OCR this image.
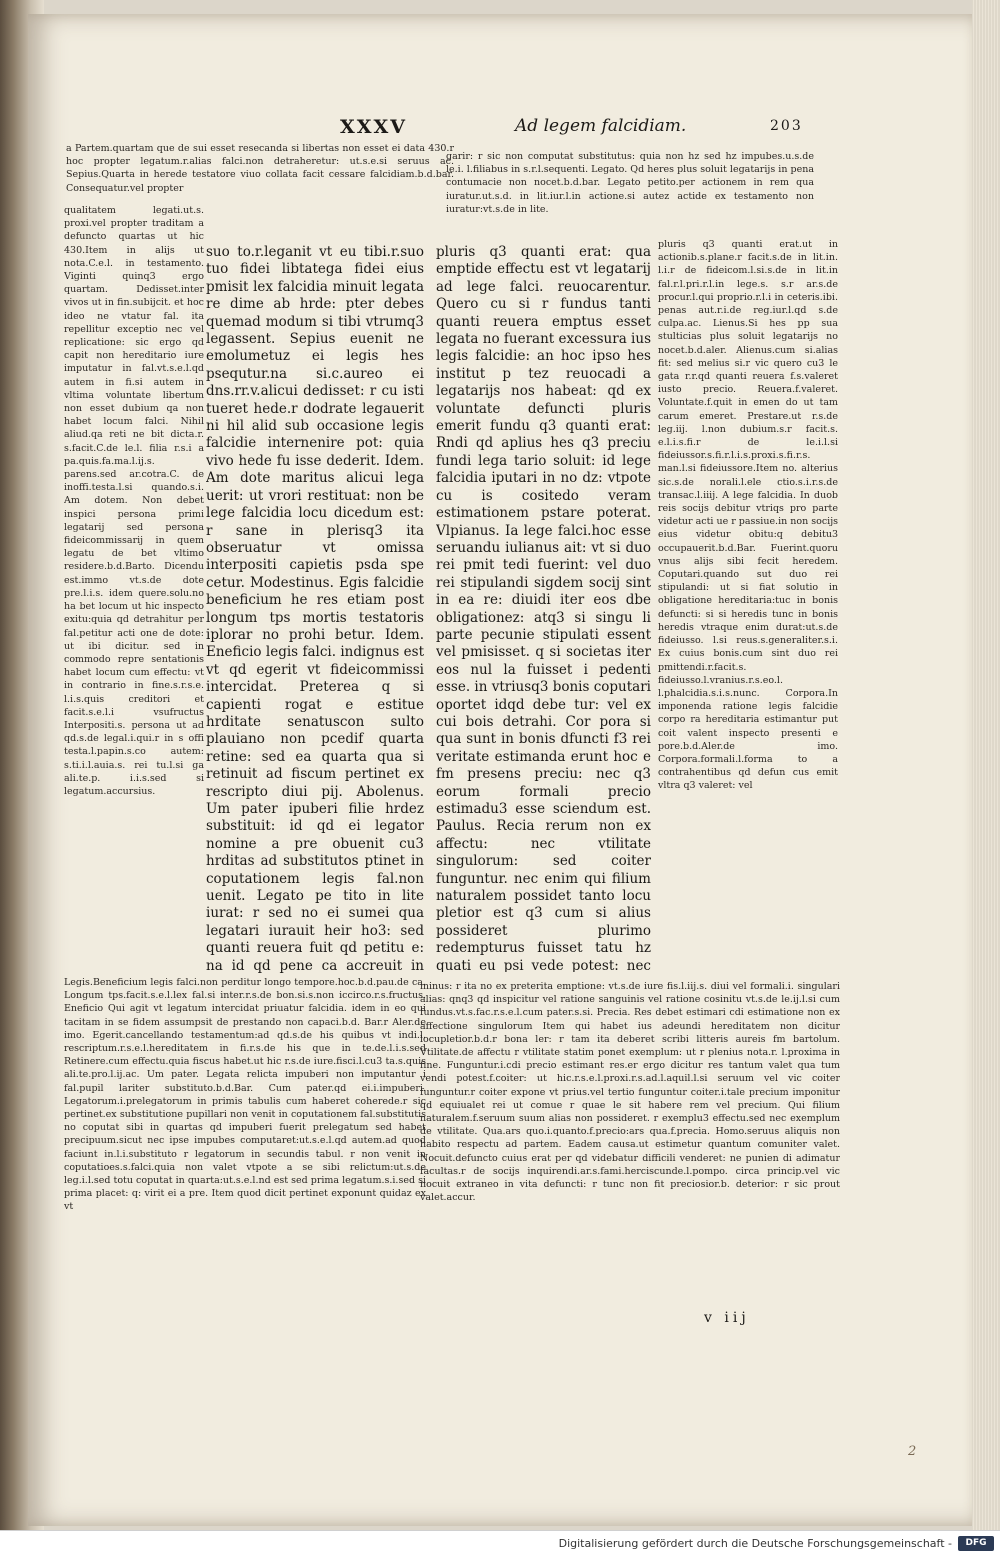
XXXV	Ad legem falcidiam.	203
a Partem.quartam que de sui esset resecanda si libertas non esset ei data 430.r hoc propter legatum.r.alias falci.non detraheretur: ut.s.e.si seruus ac. Sepius.Quarta in herede testatore viuo collata facit cessare falcidiam.b.d.bar. Consequatur.vel propter
garir: r sic non computat substitutus: quia non hz sed hz impubes.u.s.de le.i. l.filiabus in s.r.l.sequenti. Legato. Qd heres plus soluit legatarijs in pena contumacie non nocet.b.d.bar. Legato petito.per actionem in rem qua iuratur.ut.s.d. in lit.iur.l.in actione.si autez actide ex testamento non iuratur:vt.s.de in lite.
qualitatem legati.ut.s. proxi.vel propter traditam a defuncto quartas ut hic 430.Item in alijs ut nota.C.e.l. in testamento. Viginti quinq3 ergo quartam. Dedisset.inter vivos ut in fin.subijcit. et hoc ideo ne vtatur fal. ita repellitur exceptio nec vel replicatione: sic ergo qd capit non hereditario iure imputatur in fal.vt.s.e.l.qd autem in fi.si autem in vltima voluntate libertum non esset dubium qa non habet locum falci. Nihil aliud.qa reti ne bit dicta.r. s.facit.C.de le.l. filia r.s.i a pa.quis.fa.ma.l.ij.s. parens.sed ar.cotra.C. de inoffi.testa.l.si quando.s.i. Am dotem. Non debet inspici persona primi legatarij sed persona fideicommissarij in quem legatu de bet vltimo residere.b.d.Barto. Dicendu est.immo vt.s.de dote pre.l.i.s. idem quere.solu.no ha bet locum ut hic inspecto exitu:quia qd detrahitur per fal.petitur acti one de dote: ut ibi dicitur. sed in commodo repre sentationis habet locum cum effectu: vt in contrario in fine.s.r.s.e. l.i.s.quis creditori et facit.s.e.l.i vsufructus Interpositi.s. persona ut ad qd.s.de legal.i.qui.r in s offi testa.l.papin.s.co autem: s.ti.i.l.auia.s. rei tu.l.si ga ali.te.p. i.i.s.sed si legatum.accursius.
suo to.r.leganit vt eu tibi.r.suo tuo fidei libtatega fidei eius pmisit lex falcidia minuit legata re dime ab hrde: pter debes quemad modum si tibi vtrumq3 legassent. Sepius euenit ne emolumetuz ei legis hes psequtur.na si.c.aureo ei dns.rr.v.alicui dedisset: r cu isti tueret hede.r dodrate legauerit ni hil alid sub occasione legis falcidie internenire pot: quia vivo hede fu isse dederit. Idem. Am dote maritus alicui lega uerit: ut vrori restituat: non be lege falcidia locu dicedum est: r sane in plerisq3 ita obseruatur vt omissa interpositi capietis psda spe cetur. Modestinus. Egis falcidie beneficium he res etiam post longum tps mortis testatoris iplorar no prohi betur. Idem. Eneficio legis falci. indignus est vt qd egerit vt fideicommissi intercidat. Preterea q si capienti rogat e estitue hrditate senatuscon sulto plauiano non pcedif quarta retine: sed ea quarta qua si retinuit ad fiscum pertinet ex rescripto diui pij. Abolenus. Um pater ipuberi filie hrdez substituit: id qd ei legator nomine a pre obuenit cu3 hrditas ad substitutos ptinet in coputationem legis fal.non uenit. Legato pe tito in lite iurat: r sed no ei sumei qua legatari iurauit heir ho3: sed quanti reuera fuit qd petitu e: na id qd pene ca accreuit in
pluris q3 quanti erat: qua emptide effectu est vt legatarij ad lege falci. reuocarentur. Quero cu si r fundus tanti quanti reuera emptus esset legata no fuerant excessura ius legis falcidie: an hoc ipso hes institut p tez reuocadi a legatarijs nos habeat: qd ex voluntate defuncti pluris emerit fundu q3 quanti erat: Rndi qd aplius hes q3 preciu fundi lega tario soluit: id lege falcidia iputari in no dz: vtpote cu is cositedo veram estimationem pstare poterat. Vlpianus. Ia lege falci.hoc esse seruandu iulianus ait: vt si duo rei pmit tedi fuerint: vel duo rei stipulandi sigdem socij sint in ea re: diuidi iter eos dbe obligationez: atq3 si singu li parte pecunie stipulati essent vel pmisisset. q si societas iter eos nul la fuisset i pedenti esse. in vtriusq3 bonis coputari oportet idqd debe tur: vel ex cui bois detrahi. Cor pora si qua sunt in bonis dfuncti f3 rei veritate estimanda erunt hoc e fm presens preciu: nec q3 eorum formali precio estimadu3 esse sciendum est. Paulus. Recia rerum non ex affectu: nec vtilitate singulorum: sed coiter funguntur. nec enim qui filium naturalem possidet tanto locu pletior est q3 cum si alius possideret plurimo redempturus fuisset tatu hz quati eu psi vede potest: nec
pluris q3 quanti erat.ut in actionib.s.plane.r facit.s.de in lit.in. l.i.r de fideicom.l.si.s.de in lit.in fal.r.l.pri.r.l.in lege.s. s.r ar.s.de procur.l.qui proprio.r.l.i in ceteris.ibi. penas aut.r.i.de reg.iur.l.qd s.de culpa.ac. Lienus.Si hes pp sua stulticias plus soluit legatarijs no nocet.b.d.aler. Alienus.cum si.alias fit: sed melius si.r vic quero cu3 le gata r.r.qd quanti reuera f.s.valeret iusto precio. Reuera.f.valeret. Voluntate.f.quit in emen do ut tam carum emeret. Prestare.ut r.s.de leg.iij. l.non dubium.s.r facit.s. e.l.i.s.fi.r de le.i.l.si fideiussor.s.fi.r.l.i.s.proxi.s.fi.r.s. man.l.si fideiussore.Item no. alterius sic.s.de norali.l.ele ctio.s.i.r.s.de transac.l.iiij. A lege falcidia. In duob reis socijs debitur vtriqs pro parte videtur acti ue r passiue.in non socijs eius videtur obitu:q debitu3 occupauerit.b.d.Bar. Fuerint.quoru vnus alijs sibi fecit heredem. Coputari.quando sut duo rei stipulandi: ut si fiat solutio in obligatione hereditaria:tuc in bonis defuncti: si si heredis tunc in bonis heredis vtraque enim durat:ut.s.de fideiusso. l.si reus.s.generaliter.s.i. Ex cuius bonis.cum sint duo rei pmittendi.r.facit.s. fideiusso.l.vranius.r.s.eo.l. l.phalcidia.s.i.s.nunc. Corpora.In imponenda ratione legis falcidie corpo ra hereditaria estimantur put coit valent inspecto presenti e pore.b.d.Aler.de imo. Corpora.formali.l.forma to a contrahentibus qd defun cus emit vltra q3 valeret: vel
Legis.Beneficium legis falci.non perditur longo tempore.hoc.b.d.pau.de ca. Longum tps.facit.s.e.l.lex fal.si inter.r.s.de bon.si.s.non iccirco.r.s.fructus. Eneficio Qui agit vt legatum intercidat priuatur falcidia. idem in eo qui tacitam in se fidem assumpsit de prestando non capaci.b.d. Bar.r Aler.de imo. Egerit.cancellando testamentum:ad qd.s.de his quibus vt indi.l. rescriptum.r.s.e.l.hereditatem in fi.r.s.de his que in te.de.l.i.s.sed Retinere.cum effectu.quia fiscus habet.ut hic r.s.de iure.fisci.l.cu3 ta.s.quis ali.te.pro.l.ij.ac. Um pater. Legata relicta impuberi non imputantur i fal.pupil lariter substituto.b.d.Bar. Cum pater.qd ei.i.impuberi. Legatorum.i.prelegatorum in primis tabulis cum haberet coherede.r sic pertinet.ex substitutione pupillari non venit in coputationem fal.substitutis no coputat sibi in quartas qd impuberi fuerit prelegatum sed habet precipuum.sicut nec ipse impubes computaret:ut.s.e.l.qd autem.ad quod faciunt in.l.i.substituto r legatorum in secundis tabul. r non venit in coputatioes.s.falci.quia non valet vtpote a se sibi relictum:ut.s.de leg.i.l.sed totu coputat in quarta:ut.s.e.l.nd est sed prima legatum.s.i.sed si prima placet: q: virit ei a pre. Item quod dicit pertinet exponunt quidaz ex vt
minus: r ita no ex preterita emptione: vt.s.de iure fis.l.iij.s. diui vel formali.i. singulari alias: qnq3 qd inspicitur vel ratione sanguinis vel ratione cosinitu vt.s.de le.ij.l.si cum fundus.vt.s.fac.r.s.e.l.cum pater.s.si. Precia. Res debet estimari cdi estimatione non ex affectione singulorum Item qui habet ius adeundi hereditatem non dicitur locupletior.b.d.r bona ler: r tam ita deberet scribi litteris aureis fm bartolum. Vtilitate.de affectu r vtilitate statim ponet exemplum: ut r plenius nota.r. l.proxima in fine. Funguntur.i.cdi precio estimant res.er ergo dicitur res tantum valet qua tum vendi potest.f.coiter: ut hic.r.s.e.l.proxi.r.s.ad.l.aquil.l.si seruum vel vic coiter funguntur.r coiter expone vt prius.vel tertio funguntur coiter.i.tale precium imponitur qd equiualet rei ut comue r quae le sit habere rem vel precium. Qui filium naturalem.f.seruum suum alias non possideret. r exemplu3 effectu.sed nec exemplum de vtilitate. Qua.ars quo.i.quanto.f.precio:ars qua.f.precia. Homo.seruus aliquis non habito respectu ad partem. Eadem causa.ut estimetur quantum comuniter valet. Nocuit.defuncto cuius erat per qd videbatur difficili venderet: ne punien di adimatur facultas.r de socijs inquirendi.ar.s.fami.herciscunde.l.pompo. circa princip.vel vic nocuit extraneo in vita defuncti: r tunc non fit preciosior.b. deterior: r sic prout valet.accur.
v iij
2
Digitalisierung gefördert durch die Deutsche Forschungsgemeinschaft -	DFG
